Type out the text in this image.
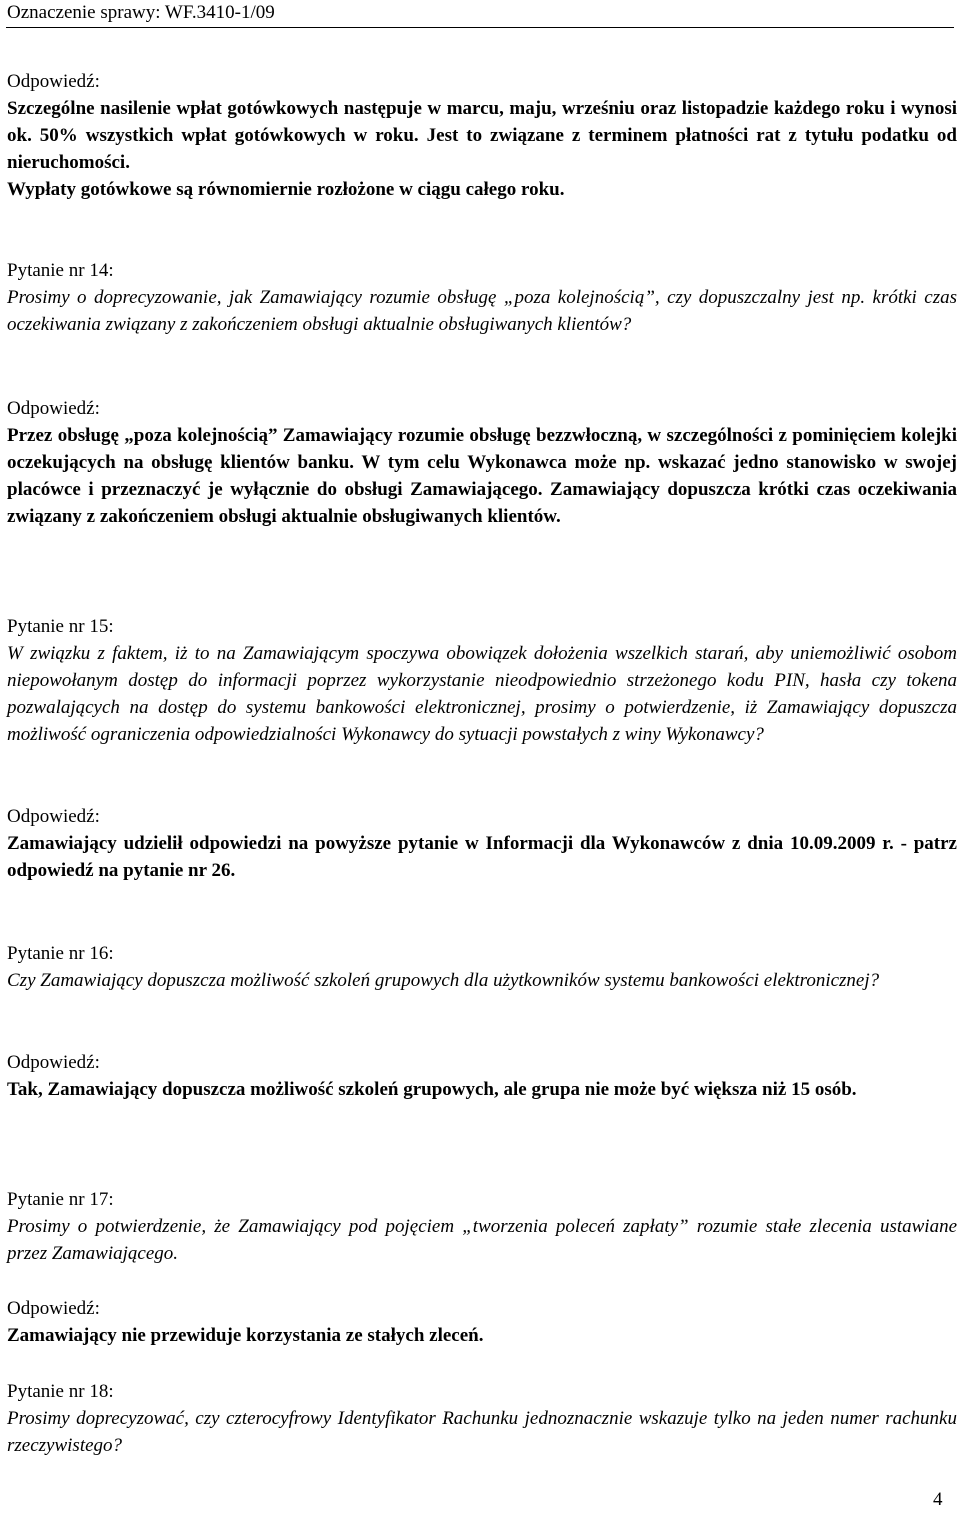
Oznaczenie sprawy: WF.3410-1/09
Odpowiedź:
Szczególne nasilenie wpłat gotówkowych następuje w marcu, maju, wrześniu oraz listopadzie każdego roku i wynosi ok. 50% wszystkich wpłat gotówkowych w roku. Jest to związane z terminem płatności rat z tytułu podatku od nieruchomości.
Wypłaty gotówkowe są równomiernie rozłożone w ciągu całego roku.
Pytanie nr 14:
Prosimy o doprecyzowanie, jak Zamawiający rozumie obsługę „poza kolejnością”, czy dopuszczalny jest np. krótki czas oczekiwania związany z zakończeniem obsługi aktualnie obsługiwanych klientów?
Odpowiedź:
Przez obsługę „poza kolejnością” Zamawiający rozumie obsługę bezzwłoczną, w szczególności z pominięciem kolejki oczekujących na obsługę klientów banku. W tym celu Wykonawca może np. wskazać jedno stanowisko w swojej placówce i przeznaczyć je wyłącznie do obsługi Zamawiającego. Zamawiający dopuszcza krótki czas oczekiwania związany z zakończeniem obsługi aktualnie obsługiwanych klientów.
Pytanie nr 15:
W związku z faktem, iż to na Zamawiającym spoczywa obowiązek dołożenia wszelkich starań, aby uniemożliwić osobom niepowołanym dostęp do informacji poprzez wykorzystanie nieodpowiednio strzeżonego kodu PIN, hasła czy tokena pozwalających na dostęp do systemu bankowości elektronicznej, prosimy o potwierdzenie, iż Zamawiający dopuszcza możliwość ograniczenia odpowiedzialności Wykonawcy do sytuacji powstałych z winy Wykonawcy?
Odpowiedź:
Zamawiający udzielił odpowiedzi na powyższe pytanie w Informacji dla Wykonawców z dnia 10.09.2009 r. - patrz odpowiedź na pytanie nr 26.
Pytanie nr 16:
Czy Zamawiający dopuszcza możliwość szkoleń grupowych dla użytkowników systemu bankowości elektronicznej?
Odpowiedź:
Tak, Zamawiający dopuszcza możliwość szkoleń grupowych, ale grupa nie może być większa niż 15 osób.
Pytanie nr 17:
Prosimy o potwierdzenie, że Zamawiający pod pojęciem „tworzenia poleceń zapłaty” rozumie stałe zlecenia ustawiane przez Zamawiającego.
Odpowiedź:
Zamawiający nie przewiduje korzystania ze stałych zleceń.
Pytanie nr 18:
Prosimy doprecyzować, czy czterocyfrowy Identyfikator Rachunku jednoznacznie wskazuje tylko na jeden numer rachunku rzeczywistego?
4
